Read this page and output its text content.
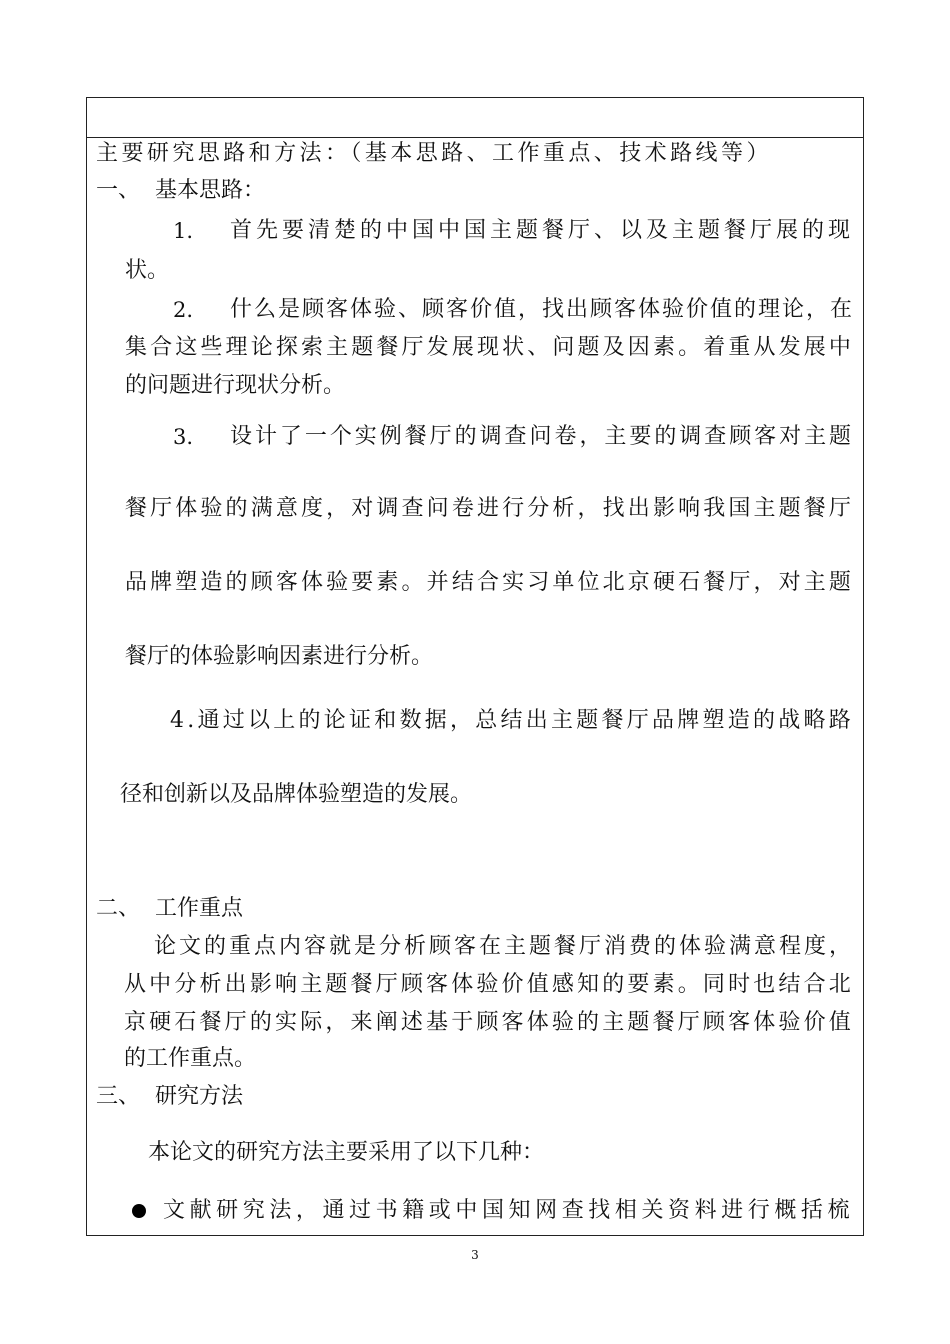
主要研究思路和方法：（基本思路、工作重点、技术路线等）
一、 基本思路：
1. 首先要清楚的中国中国主题餐厅、以及主题餐厅展的现
状。
2. 什么是顾客体验、顾客价值，找出顾客体验价值的理论，在
集合这些理论探索主题餐厅发展现状、问题及因素。着重从发展中
的问题进行现状分析。
3. 设计了一个实例餐厅的调查问卷，主要的调查顾客对主题
餐厅体验的满意度，对调查问卷进行分析，找出影响我国主题餐厅
品牌塑造的顾客体验要素。并结合实习单位北京硬石餐厅，对主题
餐厅的体验影响因素进行分析。
4.通过以上的论证和数据，总结出主题餐厅品牌塑造的战略路
径和创新以及品牌体验塑造的发展。
二、 工作重点
论文的重点内容就是分析顾客在主题餐厅消费的体验满意程度，
从中分析出影响主题餐厅顾客体验价值感知的要素。同时也结合北
京硬石餐厅的实际，来阐述基于顾客体验的主题餐厅顾客体验价值
的工作重点。
三、 研究方法
本论文的研究方法主要采用了以下几种：
文献研究法，通过书籍或中国知网查找相关资料进行概括梳
3
